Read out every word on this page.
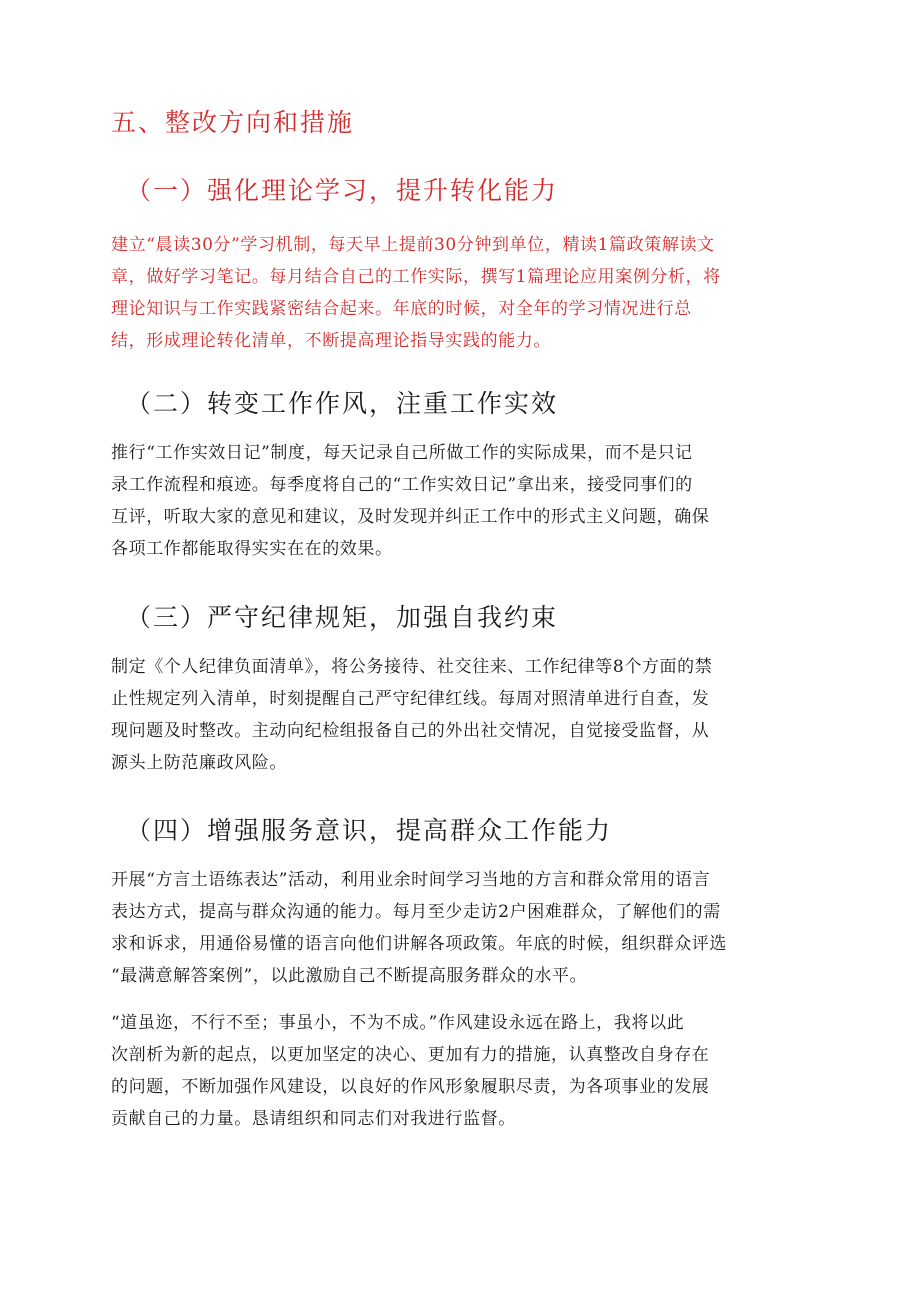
五、整改方向和措施
（一）强化理论学习，提升转化能力

建立“晨读30分”学习机制，每天早上提前30分钟到单位，精读1篇政策解读文
章，做好学习笔记。每月结合自己的工作实际，撰写1篇理论应用案例分析，将
理论知识与工作实践紧密结合起来。年底的时候，对全年的学习情况进行总
结，形成理论转化清单，不断提高理论指导实践的能力。

（二）转变工作作风，注重工作实效

推行“工作实效日记”制度，每天记录自己所做工作的实际成果，而不是只记
录工作流程和痕迹。每季度将自己的“工作实效日记”拿出来，接受同事们的
互评，听取大家的意见和建议，及时发现并纠正工作中的形式主义问题，确保
各项工作都能取得实实在在的效果。

（三）严守纪律规矩，加强自我约束

制定《个人纪律负面清单》，将公务接待、社交往来、工作纪律等8个方面的禁
止性规定列入清单，时刻提醒自己严守纪律红线。每周对照清单进行自查，发
现问题及时整改。主动向纪检组报备自己的外出社交情况，自觉接受监督，从
源头上防范廉政风险。

（四）增强服务意识，提高群众工作能力

开展“方言土语练表达”活动，利用业余时间学习当地的方言和群众常用的语言
表达方式，提高与群众沟通的能力。每月至少走访2户困难群众，了解他们的需
求和诉求，用通俗易懂的语言向他们讲解各项政策。年底的时候，组织群众评选
“最满意解答案例”，以此激励自己不断提高服务群众的水平。

“道虽迩，不行不至；事虽小，不为不成。”作风建设永远在路上，我将以此
次剖析为新的起点，以更加坚定的决心、更加有力的措施，认真整改自身存在
的问题，不断加强作风建设，以良好的作风形象履职尽责，为各项事业的发展
贡献自己的力量。恳请组织和同志们对我进行监督。
